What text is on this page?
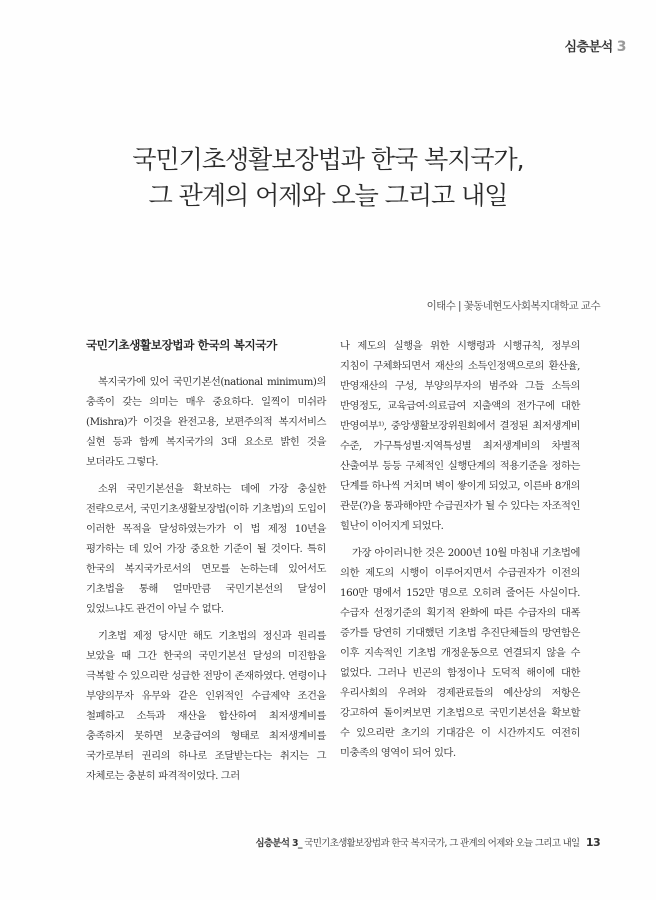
심층분석 3
국민기초생활보장법과 한국 복지국가,
그 관계의 어제와 오늘 그리고 내일
이태수 | 꽃동네현도사회복지대학교 교수
국민기초생활보장법과 한국의 복지국가

복지국가에 있어 국민기본선(national minimum)의 충족이 갖는 의미는 매우 중요하다. 일찍이 미쉬라(Mishra)가 이것을 완전고용, 보편주의적 복지서비스 실현 등과 함께 복지국가의 3대 요소로 밝힌 것을 보더라도 그렇다.

소위 국민기본선을 확보하는 데에 가장 충실한 전략으로서, 국민기초생활보장법(이하 기초법)의 도입이 이러한 목적을 달성하였는가가 이 법 제정 10년을 평가하는 데 있어 가장 중요한 기준이 될 것이다. 특히 한국의 복지국가로서의 면모를 논하는데 있어서도 기초법을 통해 얼마만큼 국민기본선의 달성이 있었느냐도 관건이 아닐 수 없다.

기초법 제정 당시만 해도 기초법의 정신과 원리를 보았을 때 그간 한국의 국민기본선 달성의 미진함을 극복할 수 있으리란 성급한 전망이 존재하였다. 연령이나 부양의무자 유무와 같은 인위적인 수급제약 조건을 철폐하고 소득과 재산을 합산하여 최저생계비를 충족하지 못하면 보충급여의 형태로 최저생계비를 국가로부터 권리의 하나로 조달받는다는 취지는 그 자체로는 충분히 파격적이었다. 그러

나 제도의 실행을 위한 시행령과 시행규칙, 정부의 지침이 구체화되면서 재산의 소득인정액으로의 환산율, 반영재산의 구성, 부양의무자의 범주와 그들 소득의 반영정도, 교육급여·의료급여 지출액의 전가구에 대한 반영여부¹⁾, 중앙생활보장위원회에서 결정된 최저생계비 수준, 가구특성별·지역특성별 최저생계비의 차별적 산출여부 등등 구체적인 실행단계의 적용기준을 정하는 단계를 하나씩 거치며 벽이 쌓이게 되었고, 이른바 8개의 관문(?)을 통과해야만 수급권자가 될 수 있다는 자조적인 힐난이 이어지게 되었다.

가장 아이러니한 것은 2000년 10월 마침내 기초법에 의한 제도의 시행이 이루어지면서 수급권자가 이전의 160만 명에서 152만 명으로 오히려 줄어든 사실이다. 수급자 선정기준의 획기적 완화에 따른 수급자의 대폭 증가를 당연히 기대했던 기초법 추진단체들의 망연함은 이후 지속적인 기초법 개정운동으로 연결되지 않을 수 없었다. 그러나 빈곤의 함정이나 도덕적 해이에 대한 우리사회의 우려와 경제관료들의 예산상의 저항은 강고하여 돌이켜보면 기초법으로 국민기본선을 확보할 수 있으리란 초기의 기대감은 이 시간까지도 여전히 미충족의 영역이 되어 있다.

심층분석 3_ 국민기초생활보장법과 한국 복지국가, 그 관계의 어제와 오늘 그리고 내일 13
